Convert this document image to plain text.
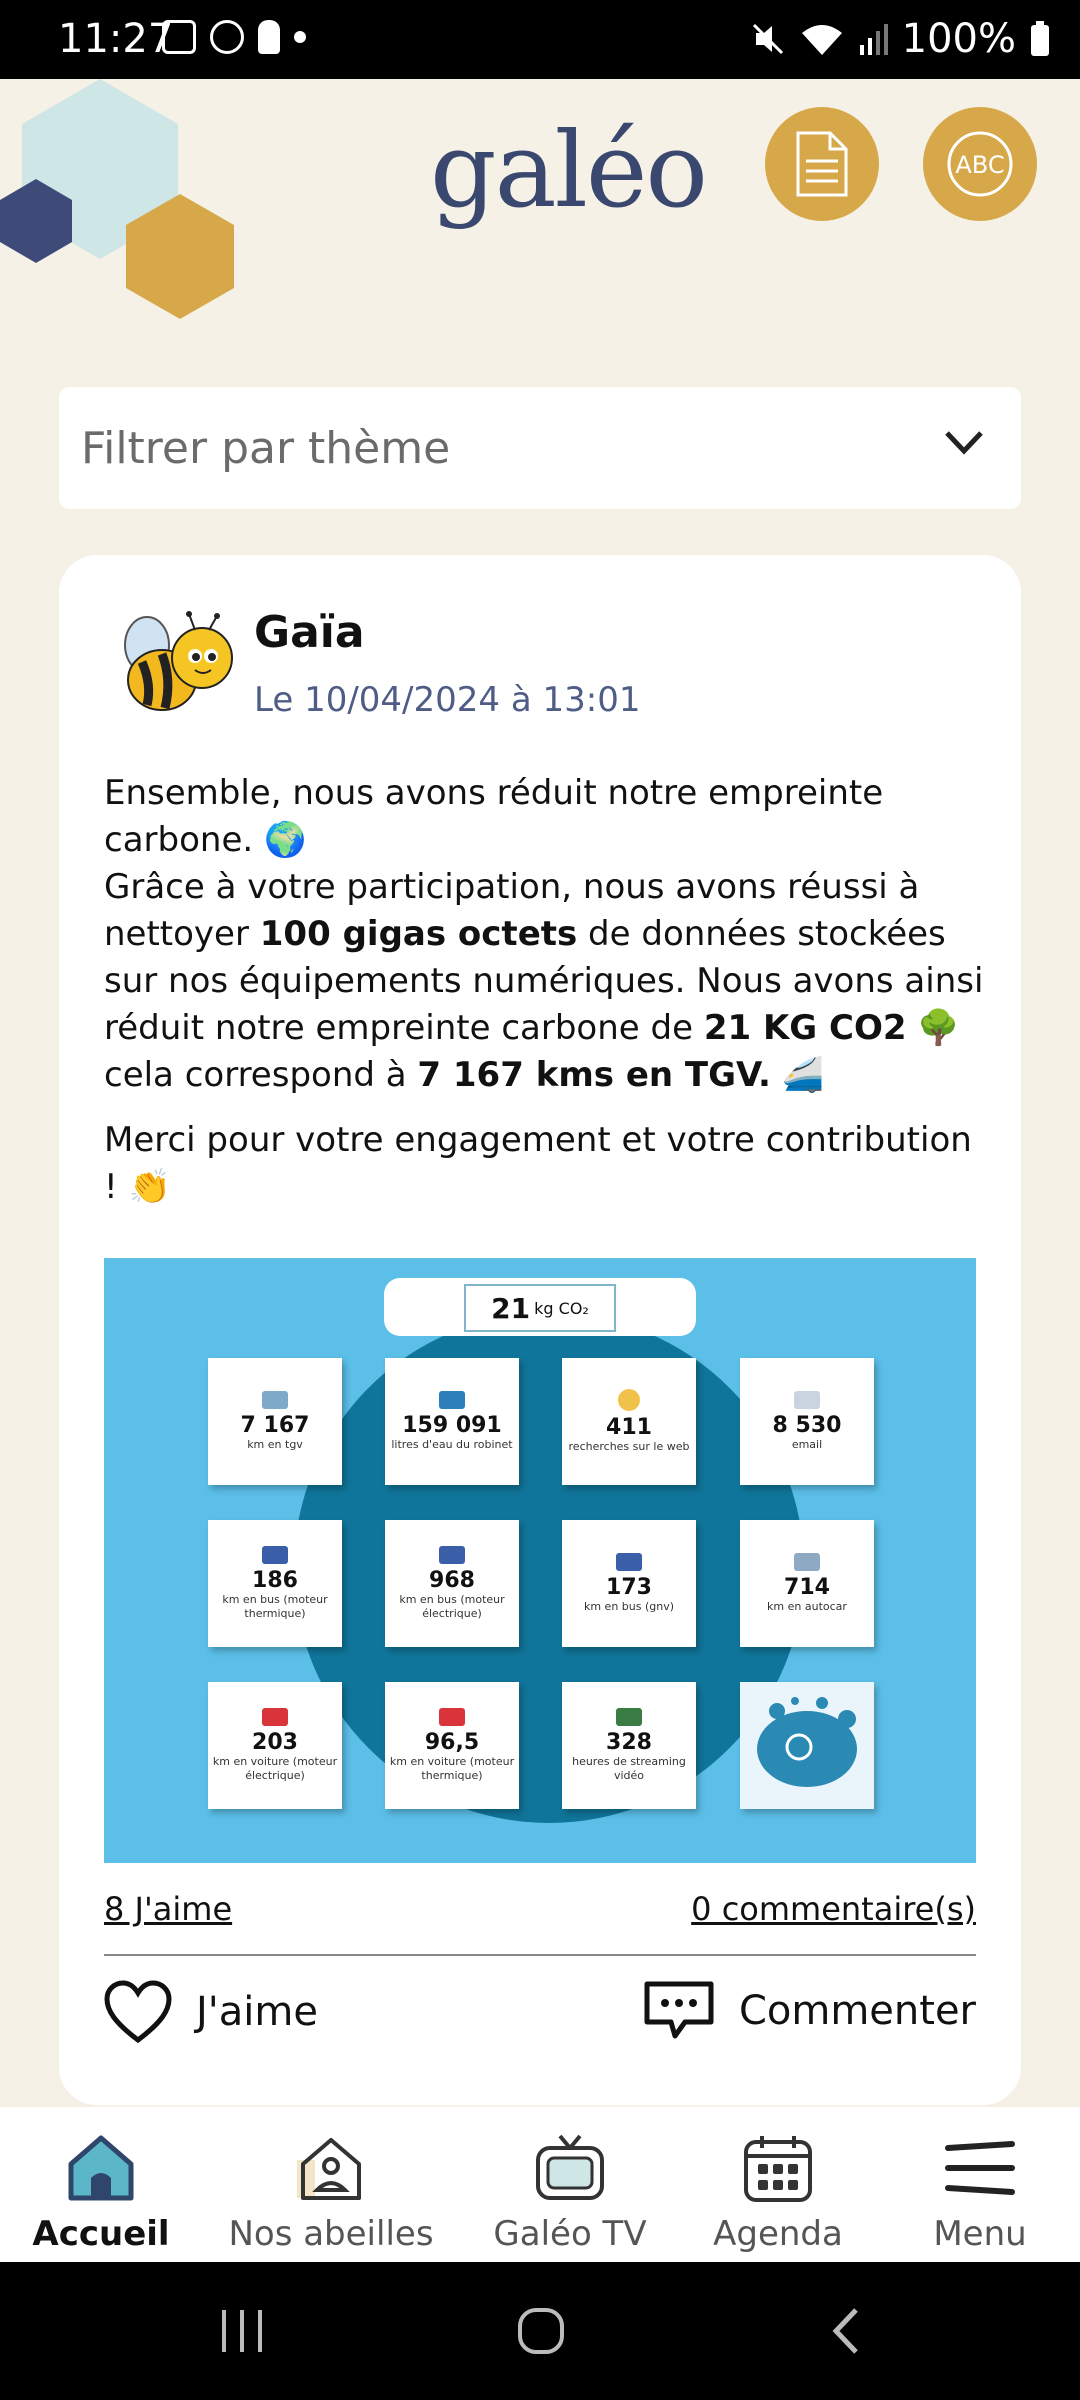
11:27	100%
galéo	ABC
Filtrer par thème
Gaïa
Le 10/04/2024 à 13:01

Ensemble, nous avons réduit notre empreinte carbone. 🌍
Grâce à votre participation, nous avons réussi à nettoyer 100 gigas octets de données stockées sur nos équipements numériques. Nous avons ainsi réduit notre empreinte carbone de 21 KG CO2 🌳 cela correspond à 7 167 kms en TGV. 🚄

Merci pour votre engagement et votre contribution ! 👏

21 kg CO₂
7 167
km en tgv
159 091
litres d'eau du robinet
411
recherches sur le web
8 530
email
186
km en bus (moteur thermique)
968
km en bus (moteur électrique)
173
km en bus (gnv)
714
km en autocar
203
km en voiture (moteur électrique)
96,5
km en voiture (moteur thermique)
328
heures de streaming vidéo
8 J'aime	0 commentaire(s)
J'aime	Commenter
Accueil Nos abeilles Galéo TV Agenda	Menu
